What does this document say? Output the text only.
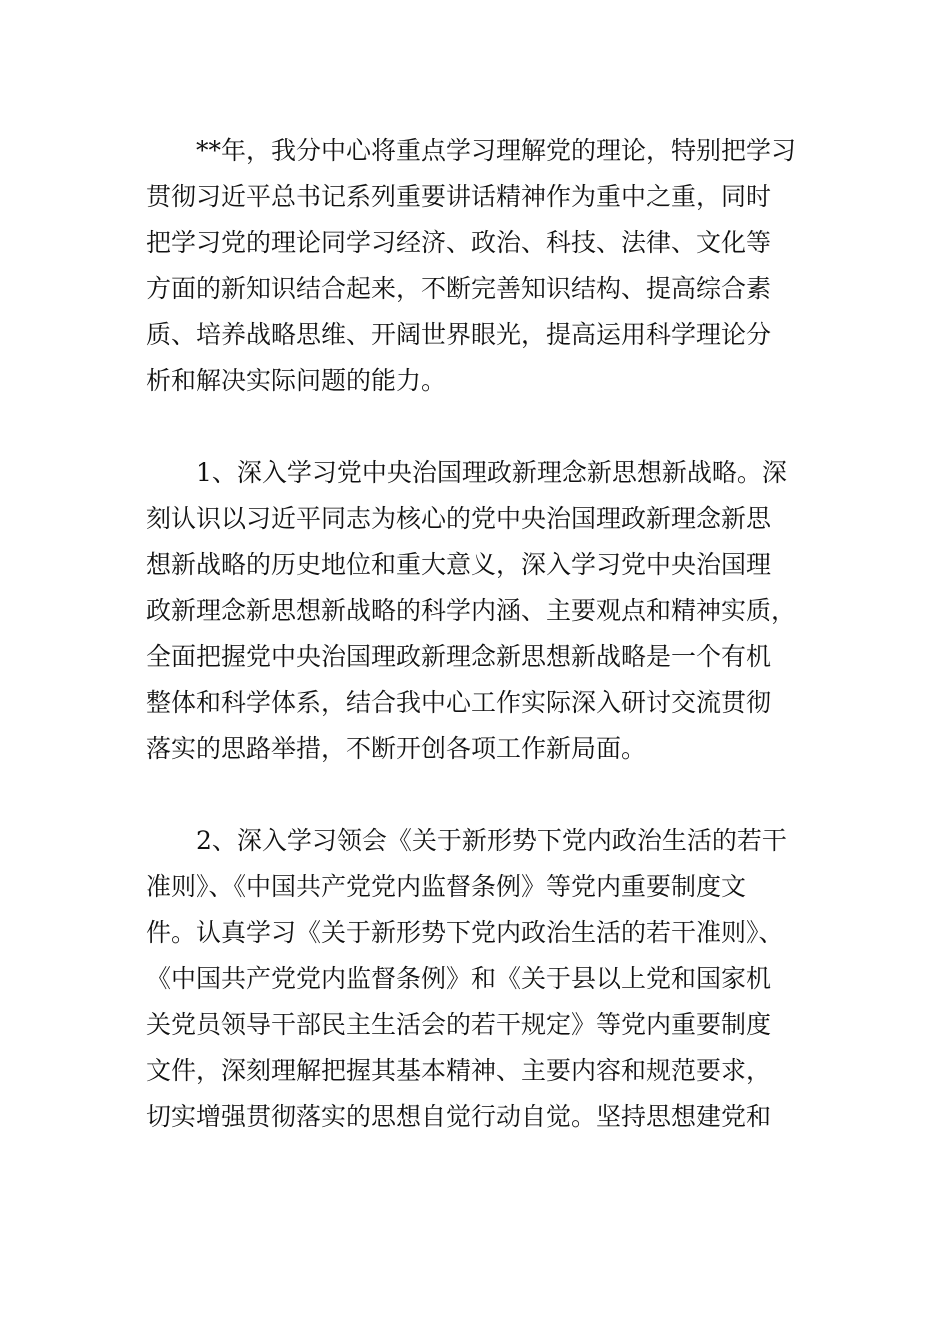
　　**年，我分中心将重点学习理解党的理论，特别把学习
贯彻习近平总书记系列重要讲话精神作为重中之重，同时
把学习党的理论同学习经济、政治、科技、法律、文化等
方面的新知识结合起来，不断完善知识结构、提高综合素
质、培养战略思维、开阔世界眼光，提高运用科学理论分
析和解决实际问题的能力。

　　1、深入学习党中央治国理政新理念新思想新战略。深
刻认识以习近平同志为核心的党中央治国理政新理念新思
想新战略的历史地位和重大意义，深入学习党中央治国理
政新理念新思想新战略的科学内涵、主要观点和精神实质，
全面把握党中央治国理政新理念新思想新战略是一个有机
整体和科学体系，结合我中心工作实际深入研讨交流贯彻
落实的思路举措，不断开创各项工作新局面。

　　2、深入学习领会《关于新形势下党内政治生活的若干
准则》、《中国共产党党内监督条例》等党内重要制度文
件。认真学习《关于新形势下党内政治生活的若干准则》、
《中国共产党党内监督条例》和《关于县以上党和国家机
关党员领导干部民主生活会的若干规定》等党内重要制度
文件，深刻理解把握其基本精神、主要内容和规范要求，
切实增强贯彻落实的思想自觉行动自觉。坚持思想建党和
